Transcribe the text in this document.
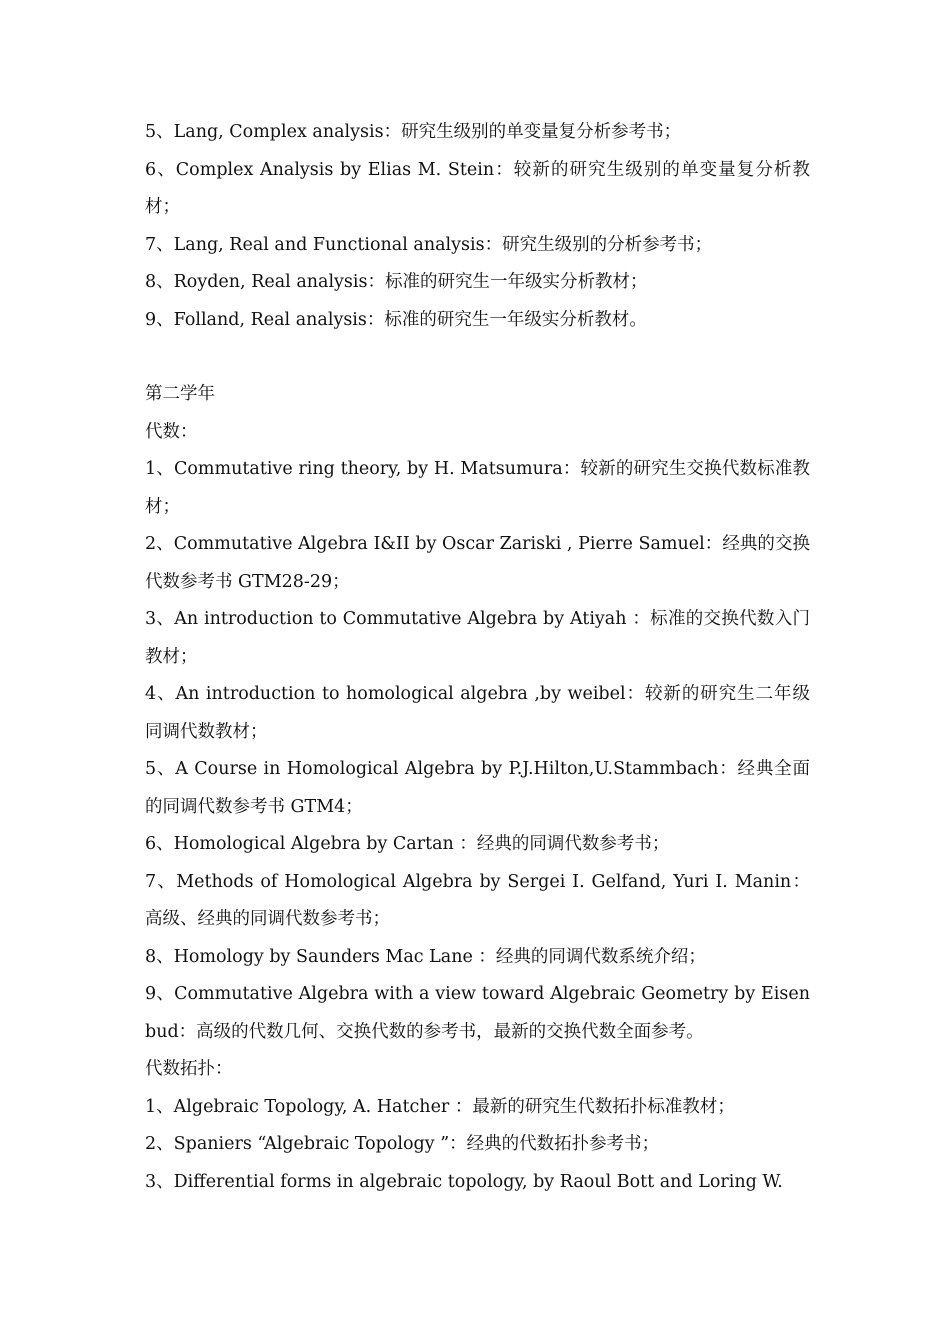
5、Lang, Complex analysis：研究生级别的单变量复分析参考书；

6、Complex Analysis by Elias M. Stein：较新的研究生级别的单变量复分析教材；

7、Lang, Real and Functional analysis：研究生级别的分析参考书；

8、Royden, Real analysis：标准的研究生一年级实分析教材；

9、Folland, Real analysis：标准的研究生一年级实分析教材。

第二学年

代数：

1、Commutative ring theory, by H. Matsumura：较新的研究生交换代数标准教材；

2、Commutative Algebra I&II by Oscar Zariski , Pierre Samuel：经典的交换代数参考书 GTM28-29；

3、An introduction to Commutative Algebra by Atiyah ：标准的交换代数入门教材；

4、An introduction to homological algebra ,by weibel：较新的研究生二年级同调代数教材；

5、A Course in Homological Algebra by P.J.Hilton,U.Stammbach：经典全面的同调代数参考书 GTM4；

6、Homological Algebra by Cartan ：经典的同调代数参考书；

7、Methods of Homological Algebra by Sergei I. Gelfand, Yuri I. Manin：高级、经典的同调代数参考书；

8、Homology by Saunders Mac Lane ：经典的同调代数系统介绍；

9、Commutative Algebra with a view toward Algebraic Geometry by Eisenbud：高级的代数几何、交换代数的参考书，最新的交换代数全面参考。

代数拓扑：

1、Algebraic Topology, A. Hatcher ：最新的研究生代数拓扑标准教材；

2、Spaniers “Algebraic Topology ”：经典的代数拓扑参考书；

3、Differential forms in algebraic topology, by Raoul Bott and Loring W.
